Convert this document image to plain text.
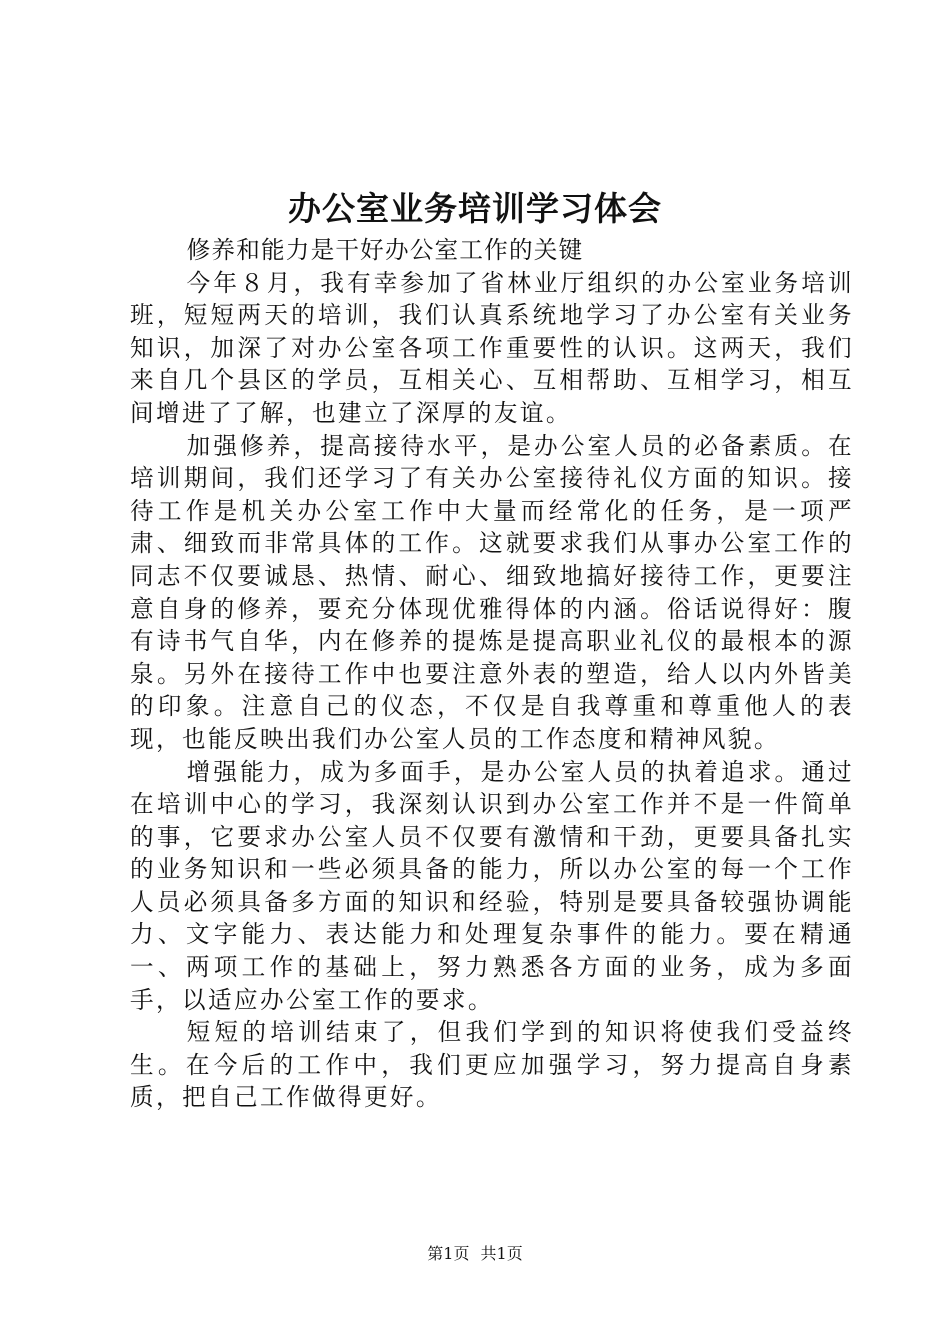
办公室业务培训学习体会

修养和能力是干好办公室工作的关键

今年８月，我有幸参加了省林业厅组织的办公室业务培训班，短短两天的培训，我们认真系统地学习了办公室有关业务知识，加深了对办公室各项工作重要性的认识。这两天，我们来自几个县区的学员，互相关心、互相帮助、互相学习，相互间增进了了解，也建立了深厚的友谊。

加强修养，提高接待水平，是办公室人员的必备素质。在培训期间，我们还学习了有关办公室接待礼仪方面的知识。接待工作是机关办公室工作中大量而经常化的任务，是一项严肃、细致而非常具体的工作。这就要求我们从事办公室工作的同志不仅要诚恳、热情、耐心、细致地搞好接待工作，更要注意自身的修养，要充分体现优雅得体的内涵。俗话说得好：腹有诗书气自华，内在修养的提炼是提高职业礼仪的最根本的源泉。另外在接待工作中也要注意外表的塑造，给人以内外皆美的印象。注意自己的仪态，不仅是自我尊重和尊重他人的表现，也能反映出我们办公室人员的工作态度和精神风貌。

增强能力，成为多面手，是办公室人员的执着追求。通过在培训中心的学习，我深刻认识到办公室工作并不是一件简单的事，它要求办公室人员不仅要有激情和干劲，更要具备扎实的业务知识和一些必须具备的能力，所以办公室的每一个工作人员必须具备多方面的知识和经验，特别是要具备较强协调能力、文字能力、表达能力和处理复杂事件的能力。要在精通一、两项工作的基础上，努力熟悉各方面的业务，成为多面手，以适应办公室工作的要求。

短短的培训结束了，但我们学到的知识将使我们受益终生。在今后的工作中，我们更应加强学习，努力提高自身素质，把自己工作做得更好。

第1页 共1页
